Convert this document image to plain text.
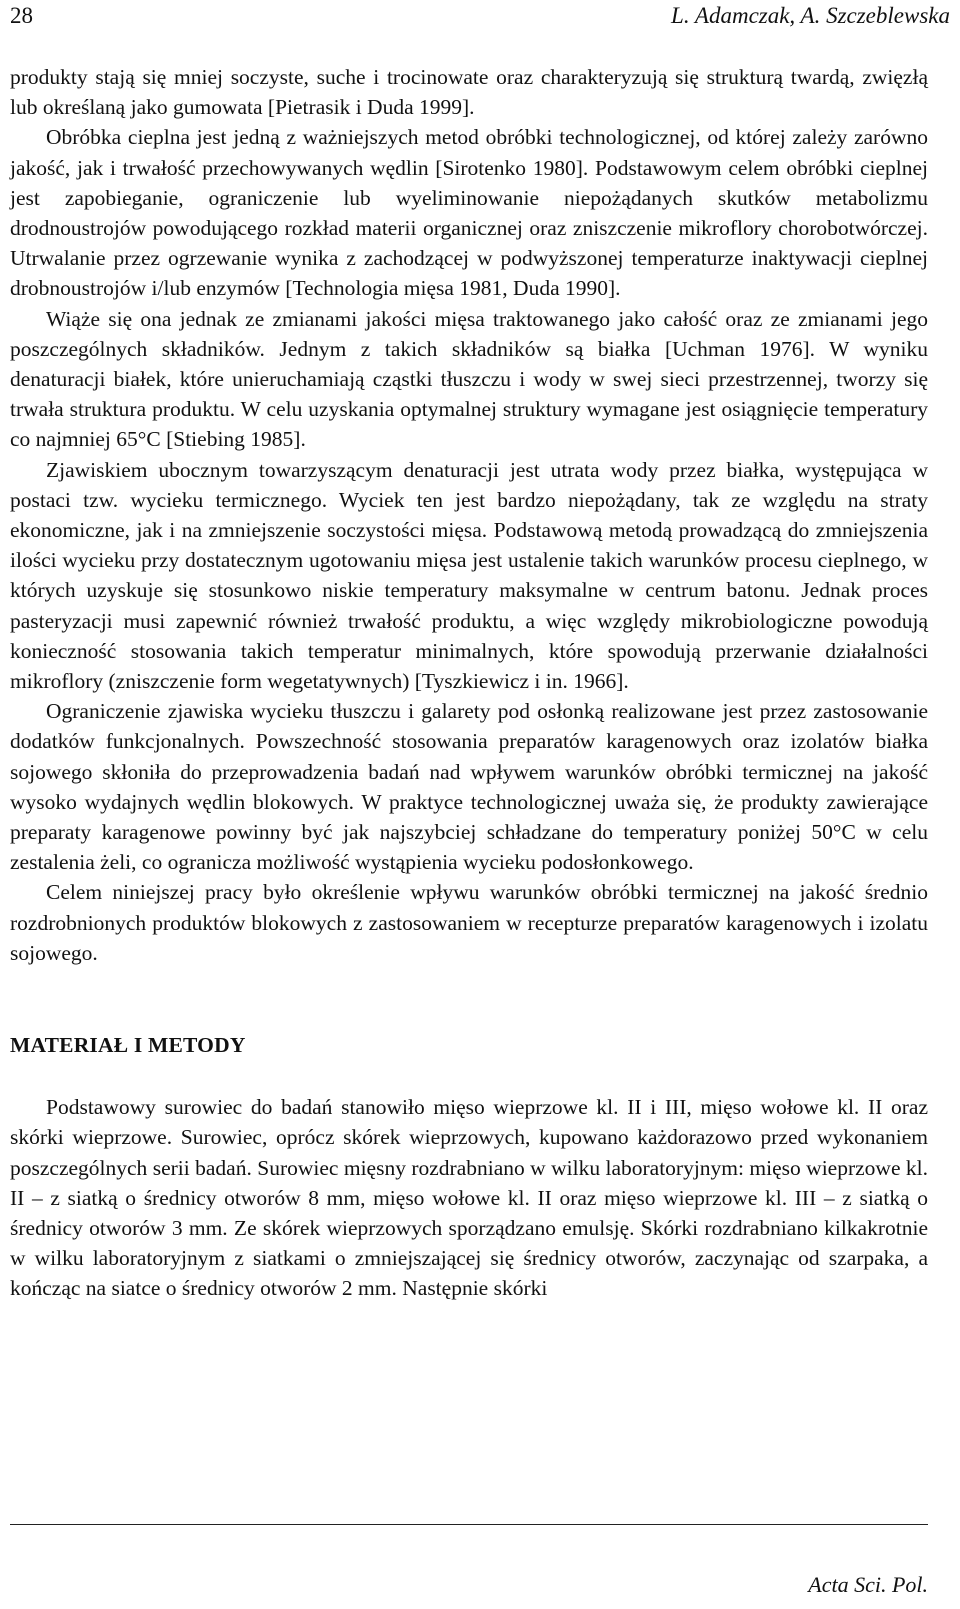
28	L. Adamczak, A. Szczeblewska

produkty stają się mniej soczyste, suche i trocinowate oraz charakteryzują się strukturą twardą, zwięzłą lub określaną jako gumowata [Pietrasik i Duda 1999].

Obróbka cieplna jest jedną z ważniejszych metod obróbki technologicznej, od której zależy zarówno jakość, jak i trwałość przechowywanych wędlin [Sirotenko 1980]. Podstawowym celem obróbki cieplnej jest zapobieganie, ograniczenie lub wyeliminowanie niepożądanych skutków metabolizmu drodnoustrojów powodującego rozkład materii organicznej oraz zniszczenie mikroflory chorobotwórczej. Utrwalanie przez ogrzewanie wynika z zachodzącej w podwyższonej temperaturze inaktywacji cieplnej drobnoustrojów i/lub enzymów [Technologia mięsa 1981, Duda 1990].

Wiąże się ona jednak ze zmianami jakości mięsa traktowanego jako całość oraz ze zmianami jego poszczególnych składników. Jednym z takich składników są białka [Uchman 1976]. W wyniku denaturacji białek, które unieruchamiają cząstki tłuszczu i wody w swej sieci przestrzennej, tworzy się trwała struktura produktu. W celu uzyskania optymalnej struktury wymagane jest osiągnięcie temperatury co najmniej 65°C [Stiebing 1985].

Zjawiskiem ubocznym towarzyszącym denaturacji jest utrata wody przez białka, występująca w postaci tzw. wycieku termicznego. Wyciek ten jest bardzo niepożądany, tak ze względu na straty ekonomiczne, jak i na zmniejszenie soczystości mięsa. Podstawową metodą prowadzącą do zmniejszenia ilości wycieku przy dostatecznym ugotowaniu mięsa jest ustalenie takich warunków procesu cieplnego, w których uzyskuje się stosunkowo niskie temperatury maksymalne w centrum batonu. Jednak proces pasteryzacji musi zapewnić również trwałość produktu, a więc względy mikrobiologiczne powodują konieczność stosowania takich temperatur minimalnych, które spowodują przerwanie działalności mikroflory (zniszczenie form wegetatywnych) [Tyszkiewicz i in. 1966].

Ograniczenie zjawiska wycieku tłuszczu i galarety pod osłonką realizowane jest przez zastosowanie dodatków funkcjonalnych. Powszechność stosowania preparatów karagenowych oraz izolatów białka sojowego skłoniła do przeprowadzenia badań nad wpływem warunków obróbki termicznej na jakość wysoko wydajnych wędlin blokowych. W praktyce technologicznej uważa się, że produkty zawierające preparaty karagenowe powinny być jak najszybciej schładzane do temperatury poniżej 50°C w celu zestalenia żeli, co ogranicza możliwość wystąpienia wycieku podosłonkowego.

Celem niniejszej pracy było określenie wpływu warunków obróbki termicznej na jakość średnio rozdrobnionych produktów blokowych z zastosowaniem w recepturze preparatów karagenowych i izolatu sojowego.

MATERIAŁ I METODY

Podstawowy surowiec do badań stanowiło mięso wieprzowe kl. II i III, mięso wołowe kl. II oraz skórki wieprzowe. Surowiec, oprócz skórek wieprzowych, kupowano każdorazowo przed wykonaniem poszczególnych serii badań. Surowiec mięsny rozdrabniano w wilku laboratoryjnym: mięso wieprzowe kl. II – z siatką o średnicy otworów 8 mm, mięso wołowe kl. II oraz mięso wieprzowe kl. III – z siatką o średnicy otworów 3 mm. Ze skórek wieprzowych sporządzano emulsję. Skórki rozdrabniano kilkakrotnie w wilku laboratoryjnym z siatkami o zmniejszającej się średnicy otworów, zaczynając od szarpaka, a kończąc na siatce o średnicy otworów 2 mm. Następnie skórki

Acta Sci. Pol.
